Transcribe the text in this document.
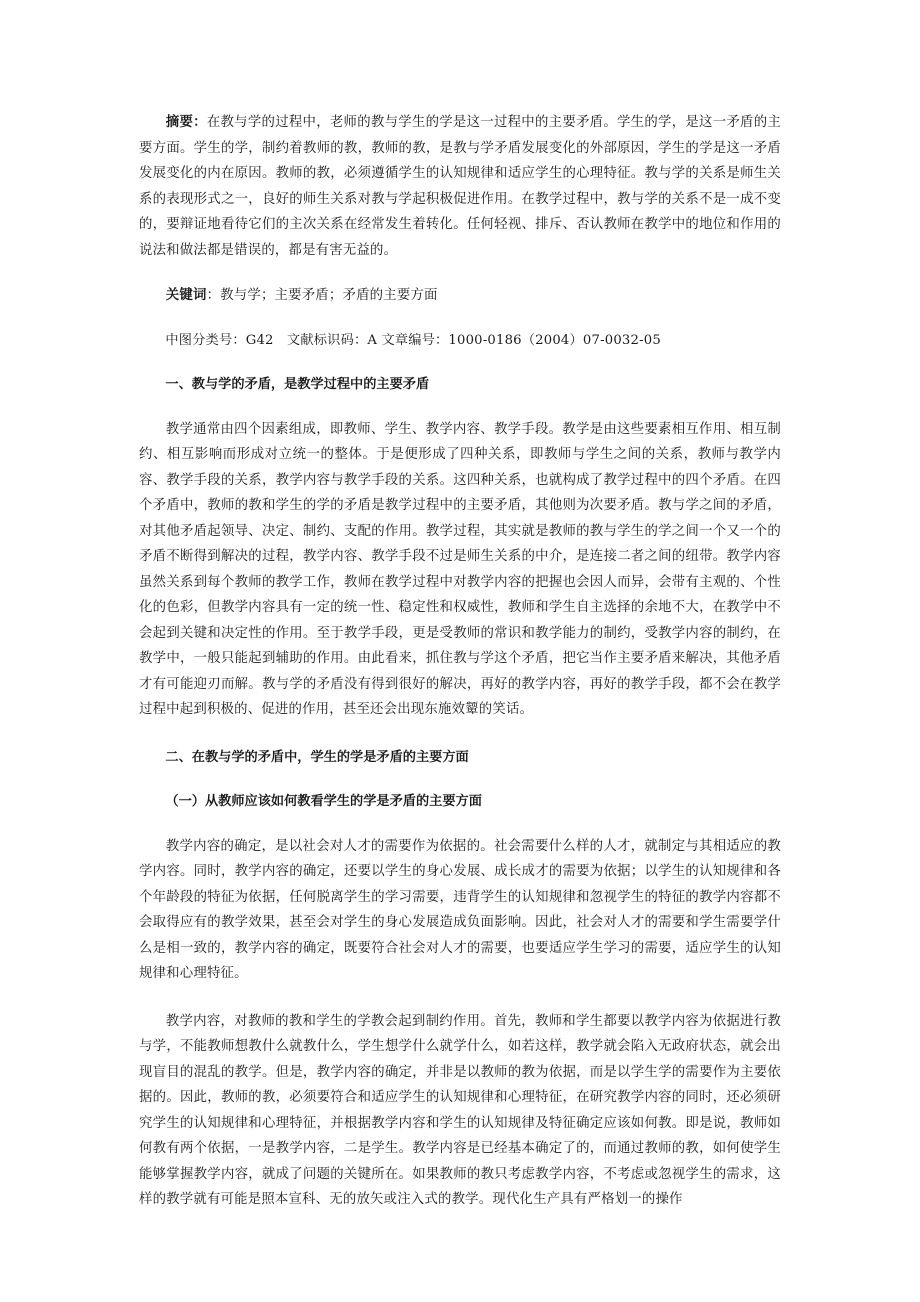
摘要：在教与学的过程中，老师的教与学生的学是这一过程中的主要矛盾。学生的学，是这一矛盾的主要方面。学生的学，制约着教师的教，教师的教，是教与学矛盾发展变化的外部原因，学生的学是这一矛盾发展变化的内在原因。教师的教，必须遵循学生的认知规律和适应学生的心理特征。教与学的关系是师生关系的表现形式之一，良好的师生关系对教与学起积极促进作用。在教学过程中，教与学的关系不是一成不变的，要辩证地看待它们的主次关系在经常发生着转化。任何轻视、排斥、否认教师在教学中的地位和作用的说法和做法都是错误的，都是有害无益的。

关键词：教与学；主要矛盾；矛盾的主要方面

中图分类号：G42　文献标识码：A 文章编号：1000-0186（2004）07-0032-05

一、教与学的矛盾，是教学过程中的主要矛盾

教学通常由四个因素组成，即教师、学生、教学内容、教学手段。教学是由这些要素相互作用、相互制约、相互影响而形成对立统一的整体。于是便形成了四种关系，即教师与学生之间的关系，教师与教学内容、教学手段的关系，教学内容与教学手段的关系。这四种关系，也就构成了教学过程中的四个矛盾。在四个矛盾中，教师的教和学生的学的矛盾是教学过程中的主要矛盾，其他则为次要矛盾。教与学之间的矛盾，对其他矛盾起领导、决定、制约、支配的作用。教学过程，其实就是教师的教与学生的学之间一个又一个的矛盾不断得到解决的过程，教学内容、教学手段不过是师生关系的中介，是连接二者之间的纽带。教学内容虽然关系到每个教师的教学工作，教师在教学过程中对教学内容的把握也会因人而异，会带有主观的、个性化的色彩，但教学内容具有一定的统一性、稳定性和权威性，教师和学生自主选择的余地不大，在教学中不会起到关键和决定性的作用。至于教学手段，更是受教师的常识和教学能力的制约，受教学内容的制约，在教学中，一般只能起到辅助的作用。由此看来，抓住教与学这个矛盾，把它当作主要矛盾来解决，其他矛盾才有可能迎刃而解。教与学的矛盾没有得到很好的解决，再好的教学内容，再好的教学手段，都不会在教学过程中起到积极的、促进的作用，甚至还会出现东施效颦的笑话。

二、在教与学的矛盾中，学生的学是矛盾的主要方面

（一）从教师应该如何教看学生的学是矛盾的主要方面

教学内容的确定，是以社会对人才的需要作为依据的。社会需要什么样的人才，就制定与其相适应的教学内容。同时，教学内容的确定，还要以学生的身心发展、成长成才的需要为依据；以学生的认知规律和各个年龄段的特征为依据，任何脱离学生的学习需要，违背学生的认知规律和忽视学生的特征的教学内容都不会取得应有的教学效果，甚至会对学生的身心发展造成负面影响。因此，社会对人才的需要和学生需要学什么是相一致的，教学内容的确定，既要符合社会对人才的需要，也要适应学生学习的需要，适应学生的认知规律和心理特征。

教学内容，对教师的教和学生的学教会起到制约作用。首先，教师和学生都要以教学内容为依据进行教与学，不能教师想教什么就教什么，学生想学什么就学什么，如若这样，教学就会陷入无政府状态，就会出现盲目的混乱的教学。但是，教学内容的确定，并非是以教师的教为依据，而是以学生学的需要作为主要依据的。因此，教师的教，必须要符合和适应学生的认知规律和心理特征，在研究教学内容的同时，还必须研究学生的认知规律和心理特征，并根据教学内容和学生的认知规律及特征确定应该如何教。即是说，教师如何教有两个依据，一是教学内容，二是学生。教学内容是已经基本确定了的，而通过教师的教，如何使学生能够掌握教学内容，就成了问题的关键所在。如果教师的教只考虑教学内容，不考虑或忽视学生的需求，这样的教学就有可能是照本宣科、无的放矢或注入式的教学。现代化生产具有严格划一的操作
